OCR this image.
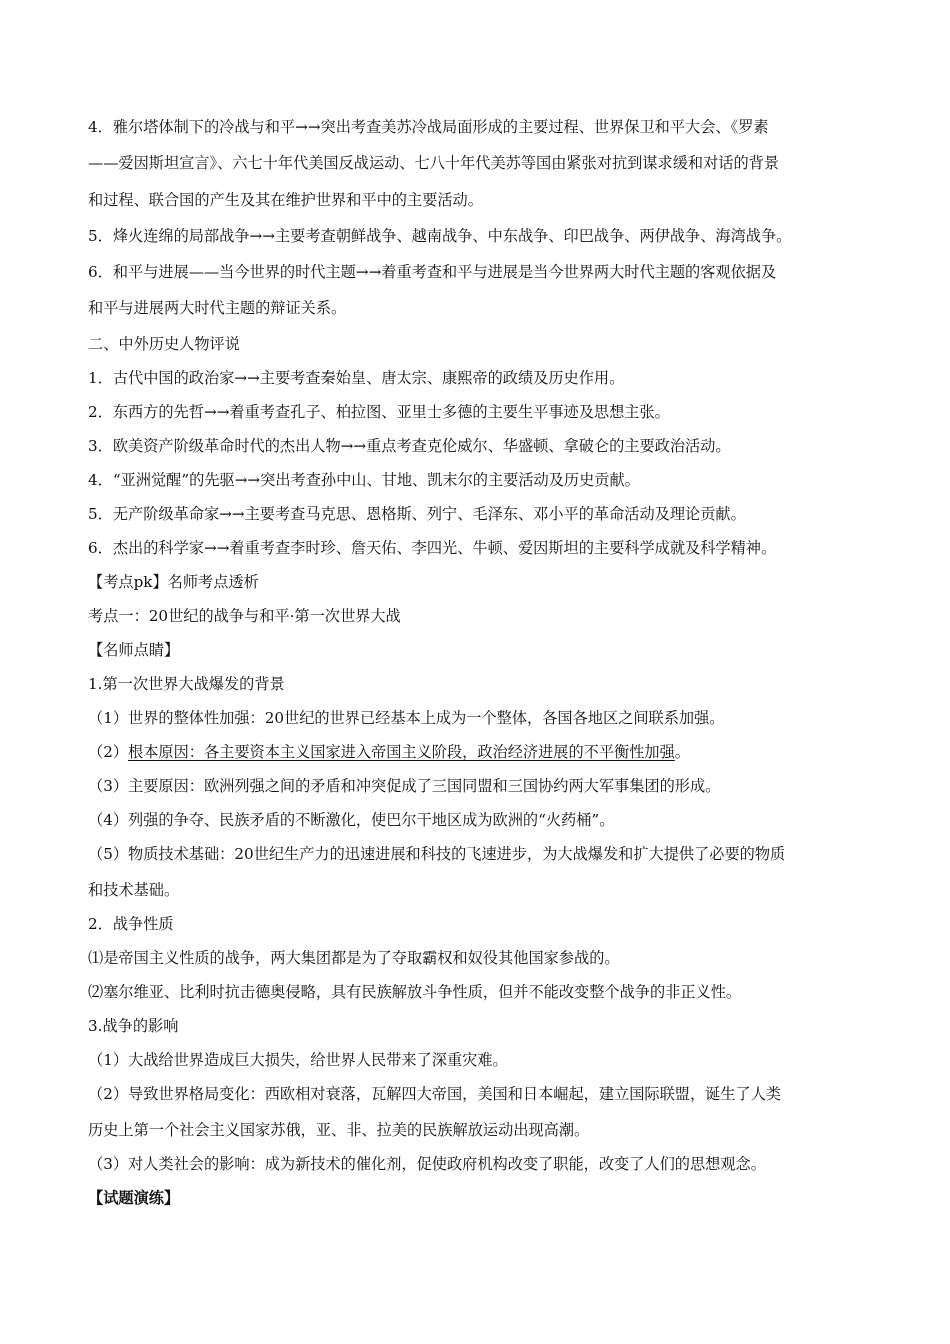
4．雅尔塔体制下的冷战与和平→→突出考查美苏冷战局面形成的主要过程、世界保卫和平大会、《罗素
——爱因斯坦宣言》、六七十年代美国反战运动、七八十年代美苏等国由紧张对抗到谋求缓和对话的背景
和过程、联合国的产生及其在维护世界和平中的主要活动。
5．烽火连绵的局部战争→→主要考查朝鲜战争、越南战争、中东战争、印巴战争、两伊战争、海湾战争。
6．和平与进展——当今世界的时代主题→→着重考查和平与进展是当今世界两大时代主题的客观依据及
和平与进展两大时代主题的辩证关系。
二、中外历史人物评说
1．古代中国的政治家→→主要考查秦始皇、唐太宗、康熙帝的政绩及历史作用。
2．东西方的先哲→→着重考查孔子、柏拉图、亚里士多德的主要生平事迹及思想主张。
3．欧美资产阶级革命时代的杰出人物→→重点考查克伦威尔、华盛顿、拿破仑的主要政治活动。
4．“亚洲觉醒”的先驱→→突出考查孙中山、甘地、凯末尔的主要活动及历史贡献。
5．无产阶级革命家→→主要考查马克思、恩格斯、列宁、毛泽东、邓小平的革命活动及理论贡献。
6．杰出的科学家→→着重考查李时珍、詹天佑、李四光、牛顿、爱因斯坦的主要科学成就及科学精神。
【考点pk】名师考点透析
考点一：20世纪的战争与和平·第一次世界大战
【名师点睛】
1.第一次世界大战爆发的背景
（1）世界的整体性加强：20世纪的世界已经基本上成为一个整体，各国各地区之间联系加强。
（2）根本原因：各主要资本主义国家进入帝国主义阶段，政治经济进展的不平衡性加强。
（3）主要原因：欧洲列强之间的矛盾和冲突促成了三国同盟和三国协约两大军事集团的形成。
（4）列强的争夺、民族矛盾的不断激化，使巴尔干地区成为欧洲的“火药桶”。
（5）物质技术基础：20世纪生产力的迅速进展和科技的飞速进步，为大战爆发和扩大提供了必要的物质
和技术基础。
2．战争性质
⑴是帝国主义性质的战争，两大集团都是为了夺取霸权和奴役其他国家参战的。
⑵塞尔维亚、比利时抗击德奥侵略，具有民族解放斗争性质，但并不能改变整个战争的非正义性。
3.战争的影响
（1）大战给世界造成巨大损失，给世界人民带来了深重灾难。
（2）导致世界格局变化：西欧相对衰落，瓦解四大帝国，美国和日本崛起，建立国际联盟，诞生了人类
历史上第一个社会主义国家苏俄，亚、非、拉美的民族解放运动出现高潮。
（3）对人类社会的影响：成为新技术的催化剂，促使政府机构改变了职能，改变了人们的思想观念。
【试题演练】
